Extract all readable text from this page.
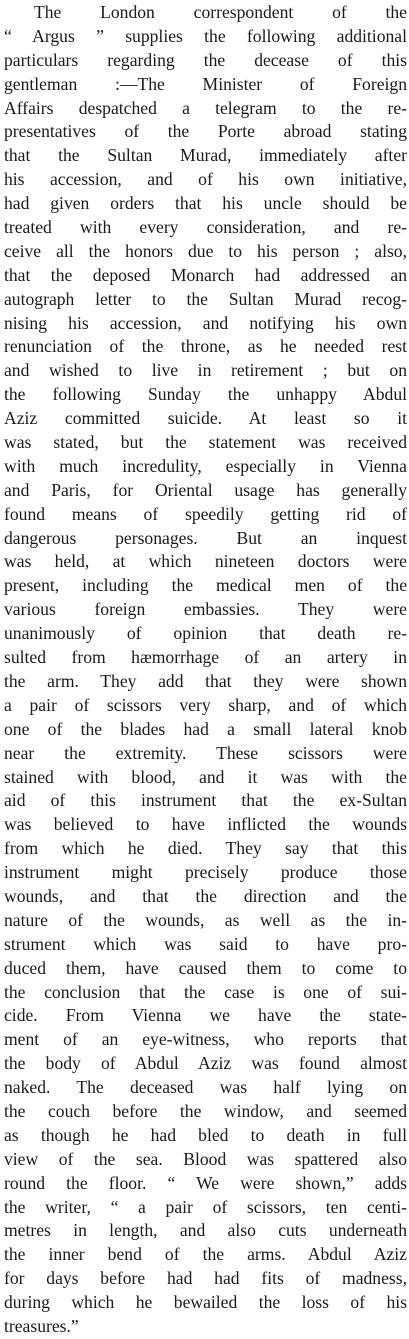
The London correspondent of the
“ Argus ” supplies the following additional
particulars regarding the decease of this
gentleman :—The Minister of Foreign
Affairs despatched a telegram to the re-
presentatives of the Porte abroad stating
that the Sultan Murad, immediately after
his accession, and of his own initiative,
had given orders that his uncle should be
treated with every consideration, and re-
ceive all the honors due to his person ; also,
that the deposed Monarch had addressed an
autograph letter to the Sultan Murad recog-
nising his accession, and notifying his own
renunciation of the throne, as he needed rest
and wished to live in retirement ; but on
the following Sunday the unhappy Abdul
Aziz committed suicide. At least so it
was stated, but the statement was received
with much incredulity, especially in Vienna
and Paris, for Oriental usage has generally
found means of speedily getting rid of
dangerous personages. But an inquest
was held, at which nineteen doctors were
present, including the medical men of the
various foreign embassies. They were
unanimously of opinion that death re-
sulted from hæmorrhage of an artery in
the arm. They add that they were shown
a pair of scissors very sharp, and of which
one of the blades had a small lateral knob
near the extremity. These scissors were
stained with blood, and it was with the
aid of this instrument that the ex-Sultan
was believed to have inflicted the wounds
from which he died. They say that this
instrument might precisely produce those
wounds, and that the direction and the
nature of the wounds, as well as the in-
strument which was said to have pro-
duced them, have caused them to come to
the conclusion that the case is one of sui-
cide. From Vienna we have the state-
ment of an eye-witness, who reports that
the body of Abdul Aziz was found almost
naked. The deceased was half lying on
the couch before the window, and seemed
as though he had bled to death in full
view of the sea. Blood was spattered also
round the floor. “ We were shown,” adds
the writer, “ a pair of scissors, ten centi-
metres in length, and also cuts underneath
the inner bend of the arms. Abdul Aziz
for days before had had fits of madness,
during which he bewailed the loss of his
treasures.”
